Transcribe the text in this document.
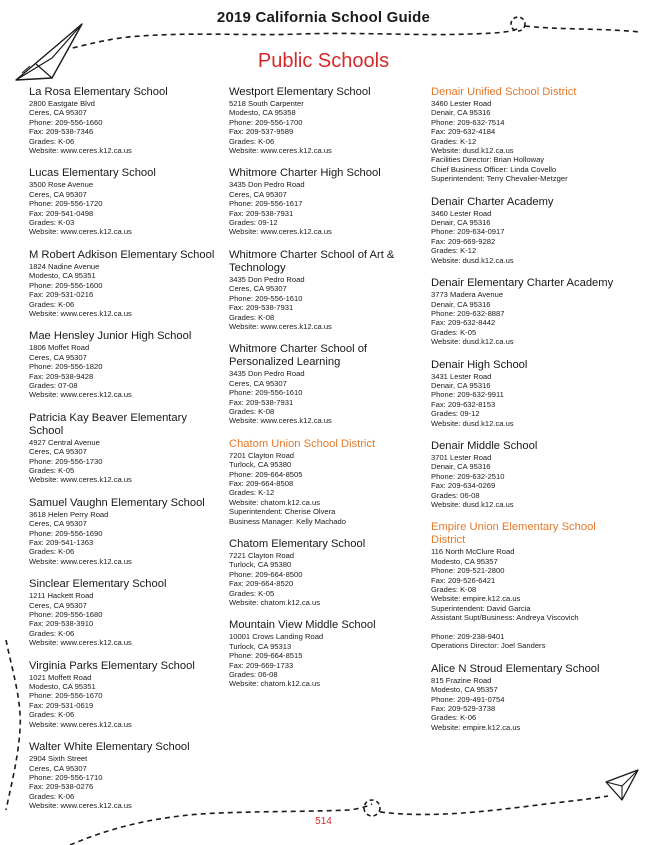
2019 California School Guide
Public Schools
La Rosa Elementary School
2800 Eastgate Blvd
Ceres, CA 95307
Phone: 209-556-1660
Fax: 209-538-7346
Grades: K-06
Website: www.ceres.k12.ca.us
Lucas Elementary School
3500 Rose Avenue
Ceres, CA 95307
Phone: 209-556-1720
Fax: 209-541-0498
Grades: K-03
Website: www.ceres.k12.ca.us
M Robert Adkison Elementary School
1824 Nadine Avenue
Modesto, CA 95351
Phone: 209-556-1600
Fax: 209-531-0216
Grades: K-06
Website: www.ceres.k12.ca.us
Mae Hensley Junior High School
1806 Moffet Road
Ceres, CA 95307
Phone: 209-556-1820
Fax: 209-538-9428
Grades: 07-08
Website: www.ceres.k12.ca.us
Patricia Kay Beaver Elementary School
4927 Central Avenue
Ceres, CA 95307
Phone: 209-556-1730
Grades: K-05
Website: www.ceres.k12.ca.us
Samuel Vaughn Elementary School
3618 Helen Perry Road
Ceres, CA 95307
Phone: 209-556-1690
Fax: 209-541-1363
Grades: K-06
Website: www.ceres.k12.ca.us
Sinclear Elementary School
1211 Hackett Road
Ceres, CA 95307
Phone: 209-556-1680
Fax: 209-538-3910
Grades: K-06
Website: www.ceres.k12.ca.us
Virginia Parks Elementary School
1021 Moffett Road
Modesto, CA 95351
Phone: 209-556-1670
Fax: 209-531-0619
Grades: K-06
Website: www.ceres.k12.ca.us
Walter White Elementary School
2904 Sixth Street
Ceres, CA 95307
Phone: 209-556-1710
Fax: 209-538-0276
Grades: K-06
Website: www.ceres.k12.ca.us
Westport Elementary School
5218 South Carpenter
Modesto, CA 95358
Phone: 209-556-1700
Fax: 209-537-9589
Grades: K-06
Website: www.ceres.k12.ca.us
Whitmore Charter High School
3435 Don Pedro Road
Ceres, CA 95307
Phone: 209-556-1617
Fax: 209-538-7931
Grades: 09-12
Website: www.ceres.k12.ca.us
Whitmore Charter School of Art & Technology
3435 Don Pedro Road
Ceres, CA 95307
Phone: 209-556-1610
Fax: 209-538-7931
Grades: K-08
Website: www.ceres.k12.ca.us
Whitmore Charter School of Personalized Learning
3435 Don Pedro Road
Ceres, CA 95307
Phone: 209-556-1610
Fax: 209-538-7931
Grades: K-08
Website: www.ceres.k12.ca.us
Chatom Union School District
7201 Clayton Road
Turlock, CA 95380
Phone: 209-664-8505
Fax: 209-664-8508
Grades: K-12
Website: chatom.k12.ca.us
Superintendent: Cherise Olvera
Business Manager: Kelly Machado
Chatom Elementary School
7221 Clayton Road
Turlock, CA 95380
Phone: 209-664-8500
Fax: 209-664-8520
Grades: K-05
Website: chatom.k12.ca.us
Mountain View Middle School
10001 Crows Landing Road
Turlock, CA 95313
Phone: 209-664-8515
Fax: 209-669-1733
Grades: 06-08
Website: chatom.k12.ca.us
Denair Unified School District
3460 Lester Road
Denair, CA 95316
Phone: 209-632-7514
Fax: 209-632-4184
Grades: K-12
Website: dusd.k12.ca.us
Facilities Director: Brian Holloway
Chief Business Officer: Linda Covello
Superintendent: Terry Chevalier-Metzger
Denair Charter Academy
3460 Lester Road
Denair, CA 95316
Phone: 209-634-0917
Fax: 209-669-9282
Grades: K-12
Website: dusd.k12.ca.us
Denair Elementary Charter Academy
3773 Madera Avenue
Denair, CA 95316
Phone: 209-632-8887
Fax: 209-632-8442
Grades: K-05
Website: dusd.k12.ca.us
Denair High School
3431 Lester Road
Denair, CA 95316
Phone: 209-632-9911
Fax: 209-632-8153
Grades: 09-12
Website: dusd.k12.ca.us
Denair Middle School
3701 Lester Road
Denair, CA 95316
Phone: 209-632-2510
Fax: 209-634-0269
Grades: 06-08
Website: dusd.k12.ca.us
Empire Union Elementary School District
116 North McClure Road
Modesto, CA 95357
Phone: 209-521-2800
Fax: 209-526-6421
Grades: K-08
Website: empire.k12.ca.us
Superintendent: David Garcia
Assistant Supt/Business: Andreya Viscovich
Phone: 209-238-9401
Operations Director: Joel Sanders
Alice N Stroud Elementary School
815 Frazine Road
Modesto, CA 95357
Phone: 209-491-0754
Fax: 209-529-3738
Grades: K-06
Website: empire.k12.ca.us
514
